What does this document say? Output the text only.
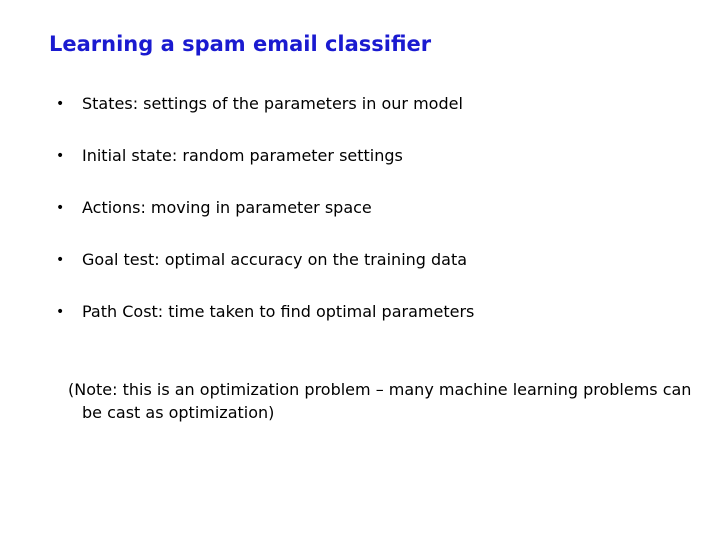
Learning a spam email classifier
• States: settings of the parameters in our model
• Initial state: random parameter settings
• Actions: moving in parameter space
• Goal test: optimal accuracy on the training data
• Path Cost: time taken to find optimal parameters
(Note: this is an optimization problem – many machine learning problems can be cast as optimization)
